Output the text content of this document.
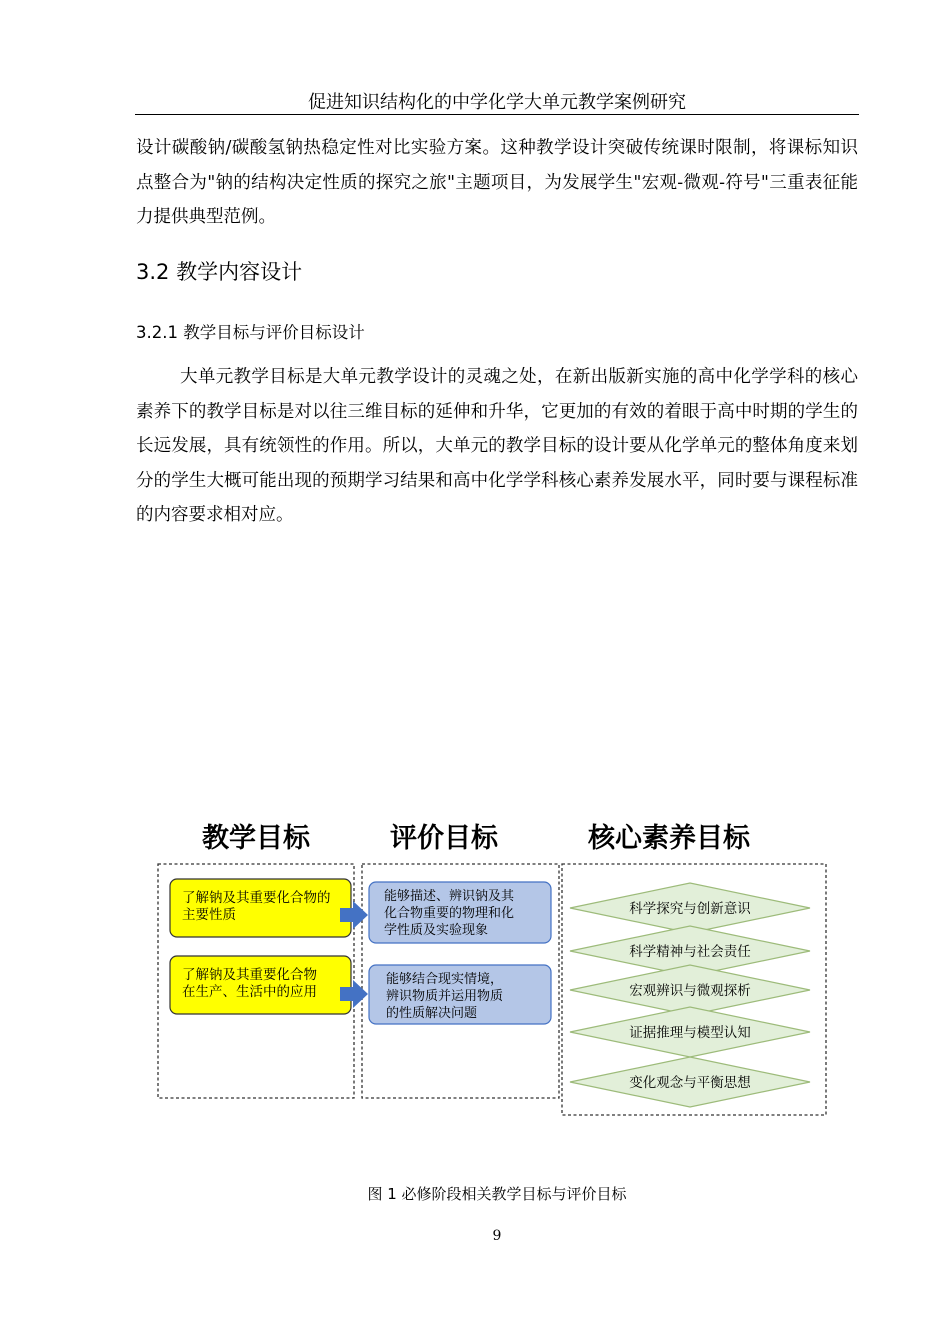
促进知识结构化的中学化学大单元教学案例研究
设计碳酸钠/碳酸氢钠热稳定性对比实验方案。这种教学设计突破传统课时限制，将课标知识点整合为"钠的结构决定性质的探究之旅"主题项目，为发展学生"宏观-微观-符号"三重表征能力提供典型范例。
3.2 教学内容设计
3.2.1 教学目标与评价目标设计
大单元教学目标是大单元教学设计的灵魂之处，在新出版新实施的高中化学学科的核心素养下的教学目标是对以往三维目标的延伸和升华，它更加的有效的着眼于高中时期的学生的长远发展，具有统领性的作用。所以，大单元的教学目标的设计要从化学单元的整体角度来划分的学生大概可能出现的预期学习结果和高中化学学科核心素养发展水平，同时要与课程标准的内容要求相对应。
教学目标	评价目标	核心素养目标
了解钠及其重要化合物的
主要性质
了解钠及其重要化合物
在生产、生活中的应用
能够描述、辨识钠及其
化合物重要的物理和化
学性质及实验现象
能够结合现实情境，
辨识物质并运用物质
的性质解决问题
科学探究与创新意识
科学精神与社会责任
宏观辨识与微观探析
证据推理与模型认知
变化观念与平衡思想
图 1 必修阶段相关教学目标与评价目标
9
